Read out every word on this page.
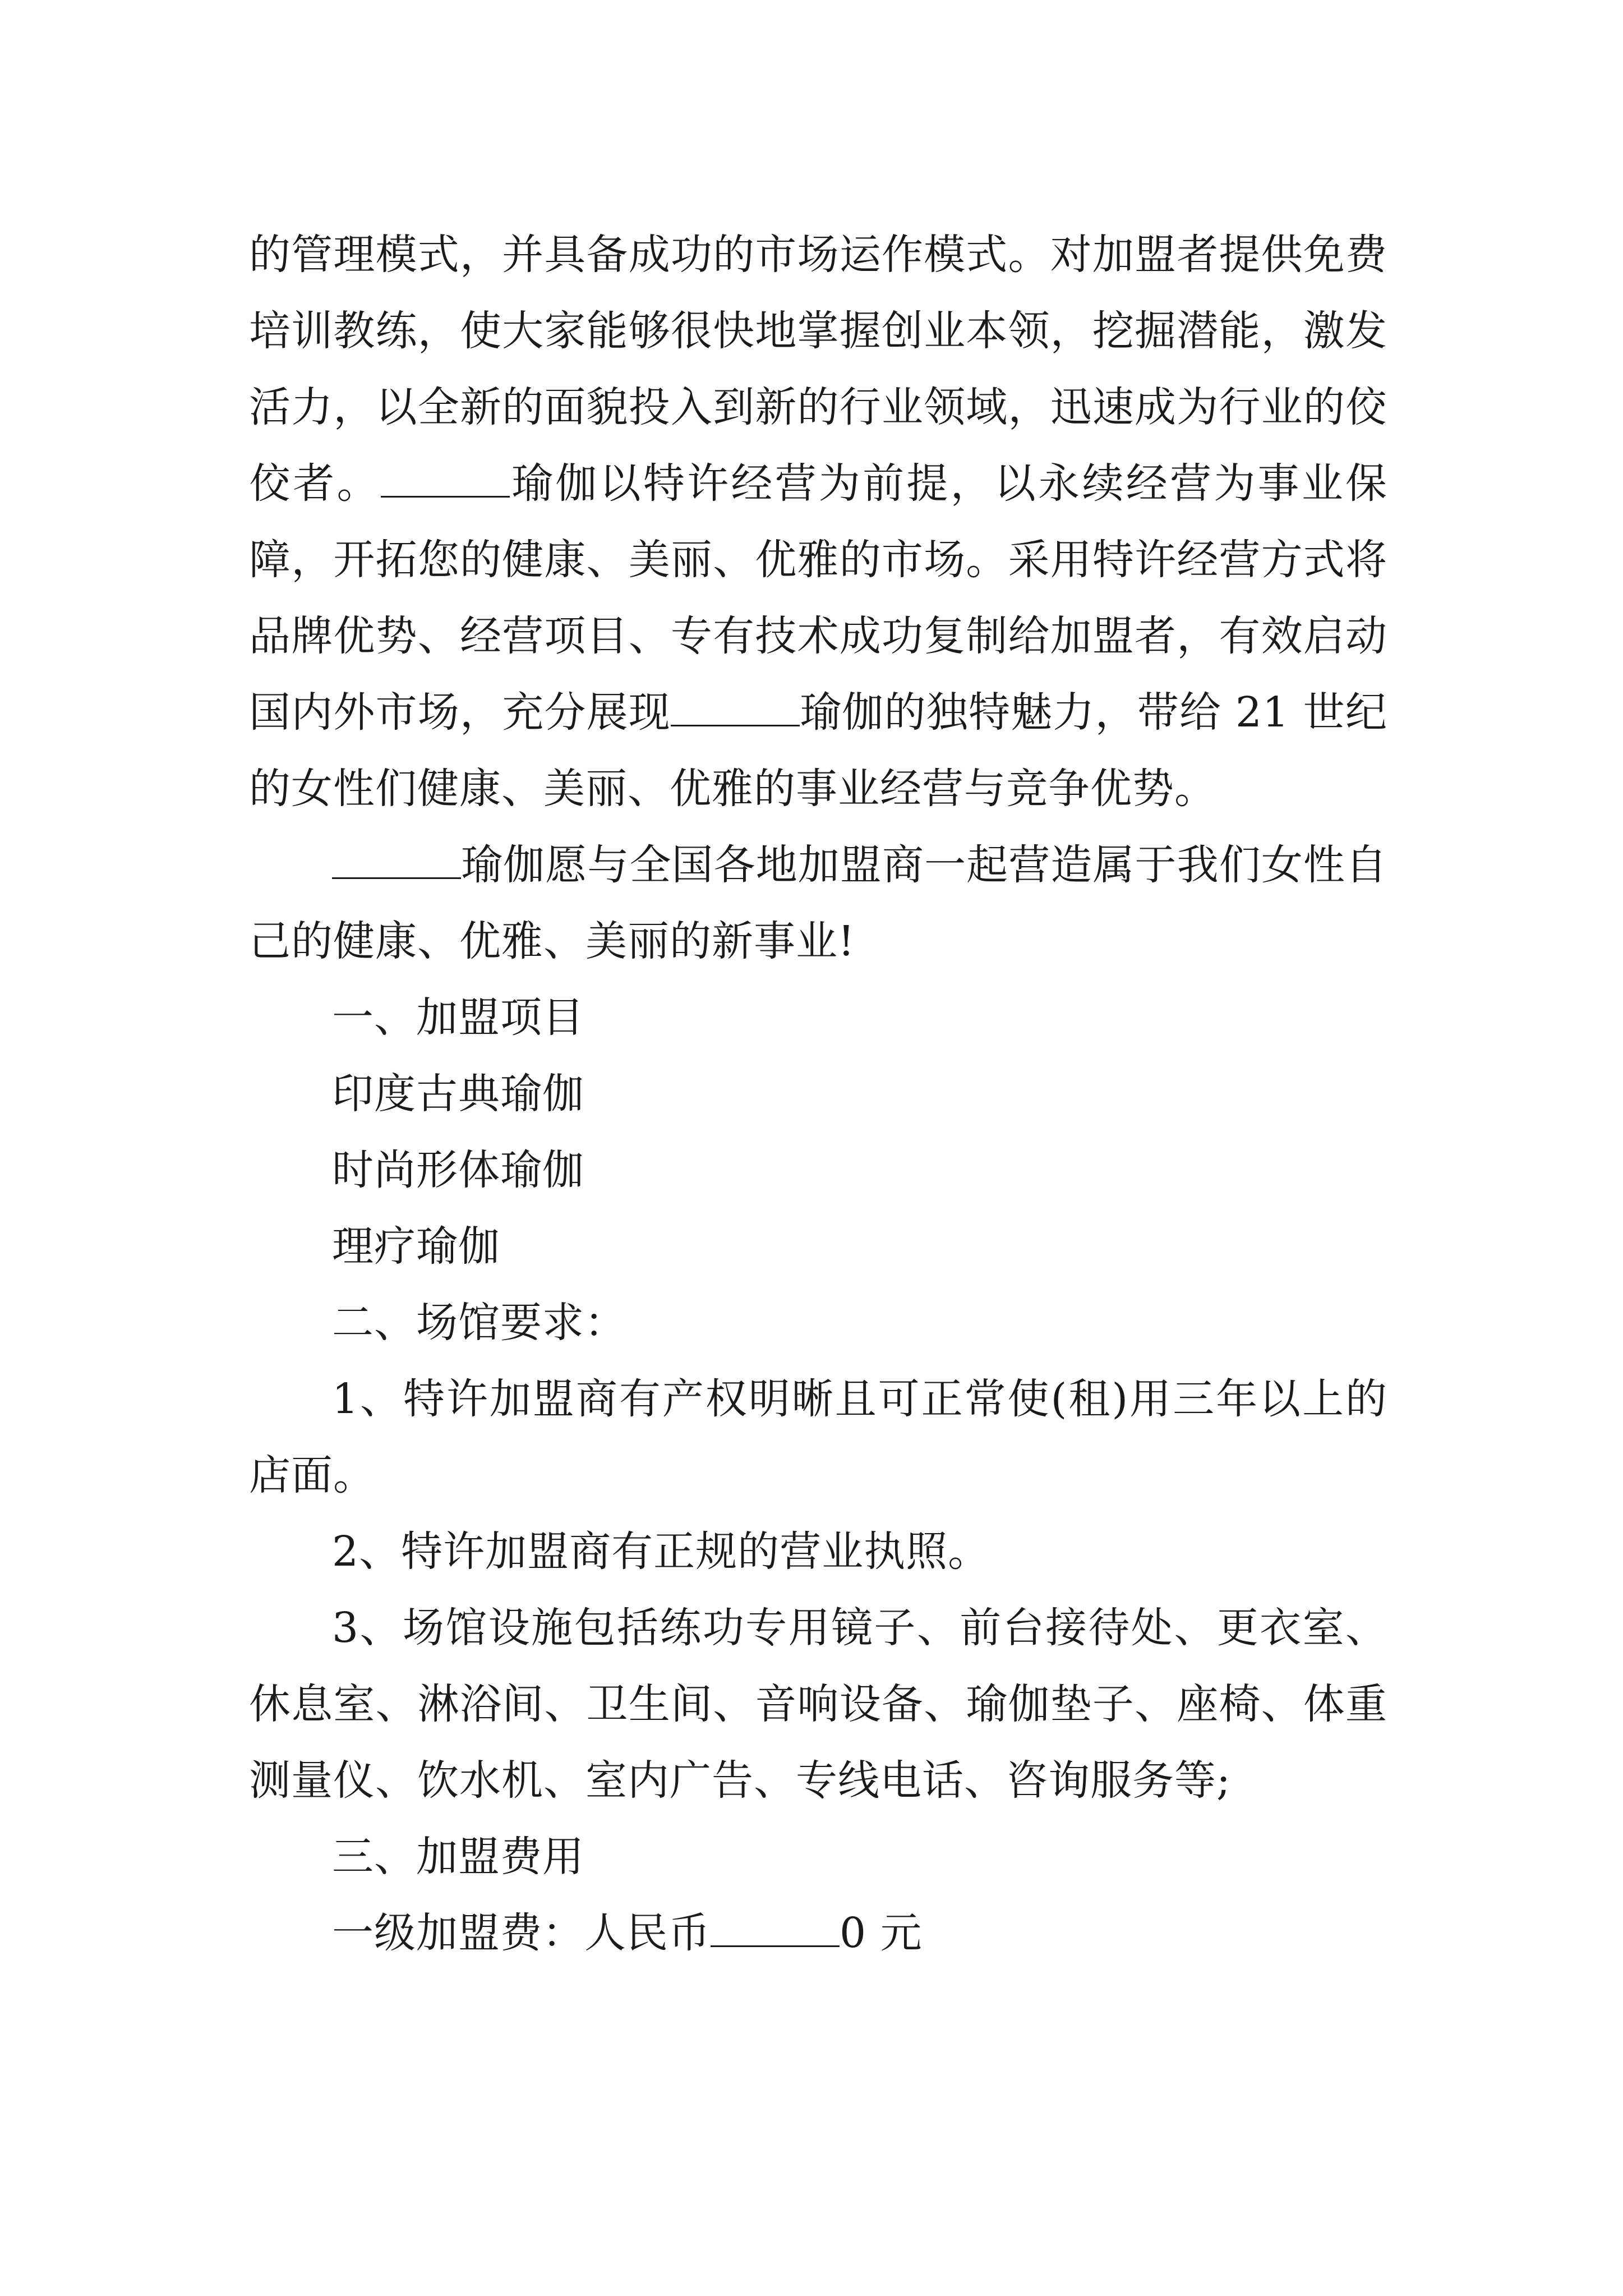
的管理模式，并具备成功的市场运作模式。对加盟者提供免费培训教练，使大家能够很快地掌握创业本领，挖掘潜能，激发活力，以全新的面貌投入到新的行业领域，迅速成为行业的佼佼者。	瑜伽以特许经营为前提，以永续经营为事业保障，开拓您的健康、美丽、优雅的市场。采用特许经营方式将品牌优势、经营项目、专有技术成功复制给加盟者，有效启动国内外市场，充分展现	瑜伽的独特魅力，带给 21 世纪的女性们健康、美丽、优雅的事业经营与竞争优势。

瑜伽愿与全国各地加盟商一起营造属于我们女性自己的健康、优雅、美丽的新事业!

一、加盟项目

印度古典瑜伽

时尚形体瑜伽

理疗瑜伽

二、场馆要求：

1、特许加盟商有产权明晰且可正常使(租)用三年以上的店面。

2、特许加盟商有正规的营业执照。

3、场馆设施包括练功专用镜子、前台接待处、更衣室、休息室、淋浴间、卫生间、音响设备、瑜伽垫子、座椅、体重测量仪、饮水机、室内广告、专线电话、咨询服务等;

三、加盟费用

一级加盟费：人民币	0 元
